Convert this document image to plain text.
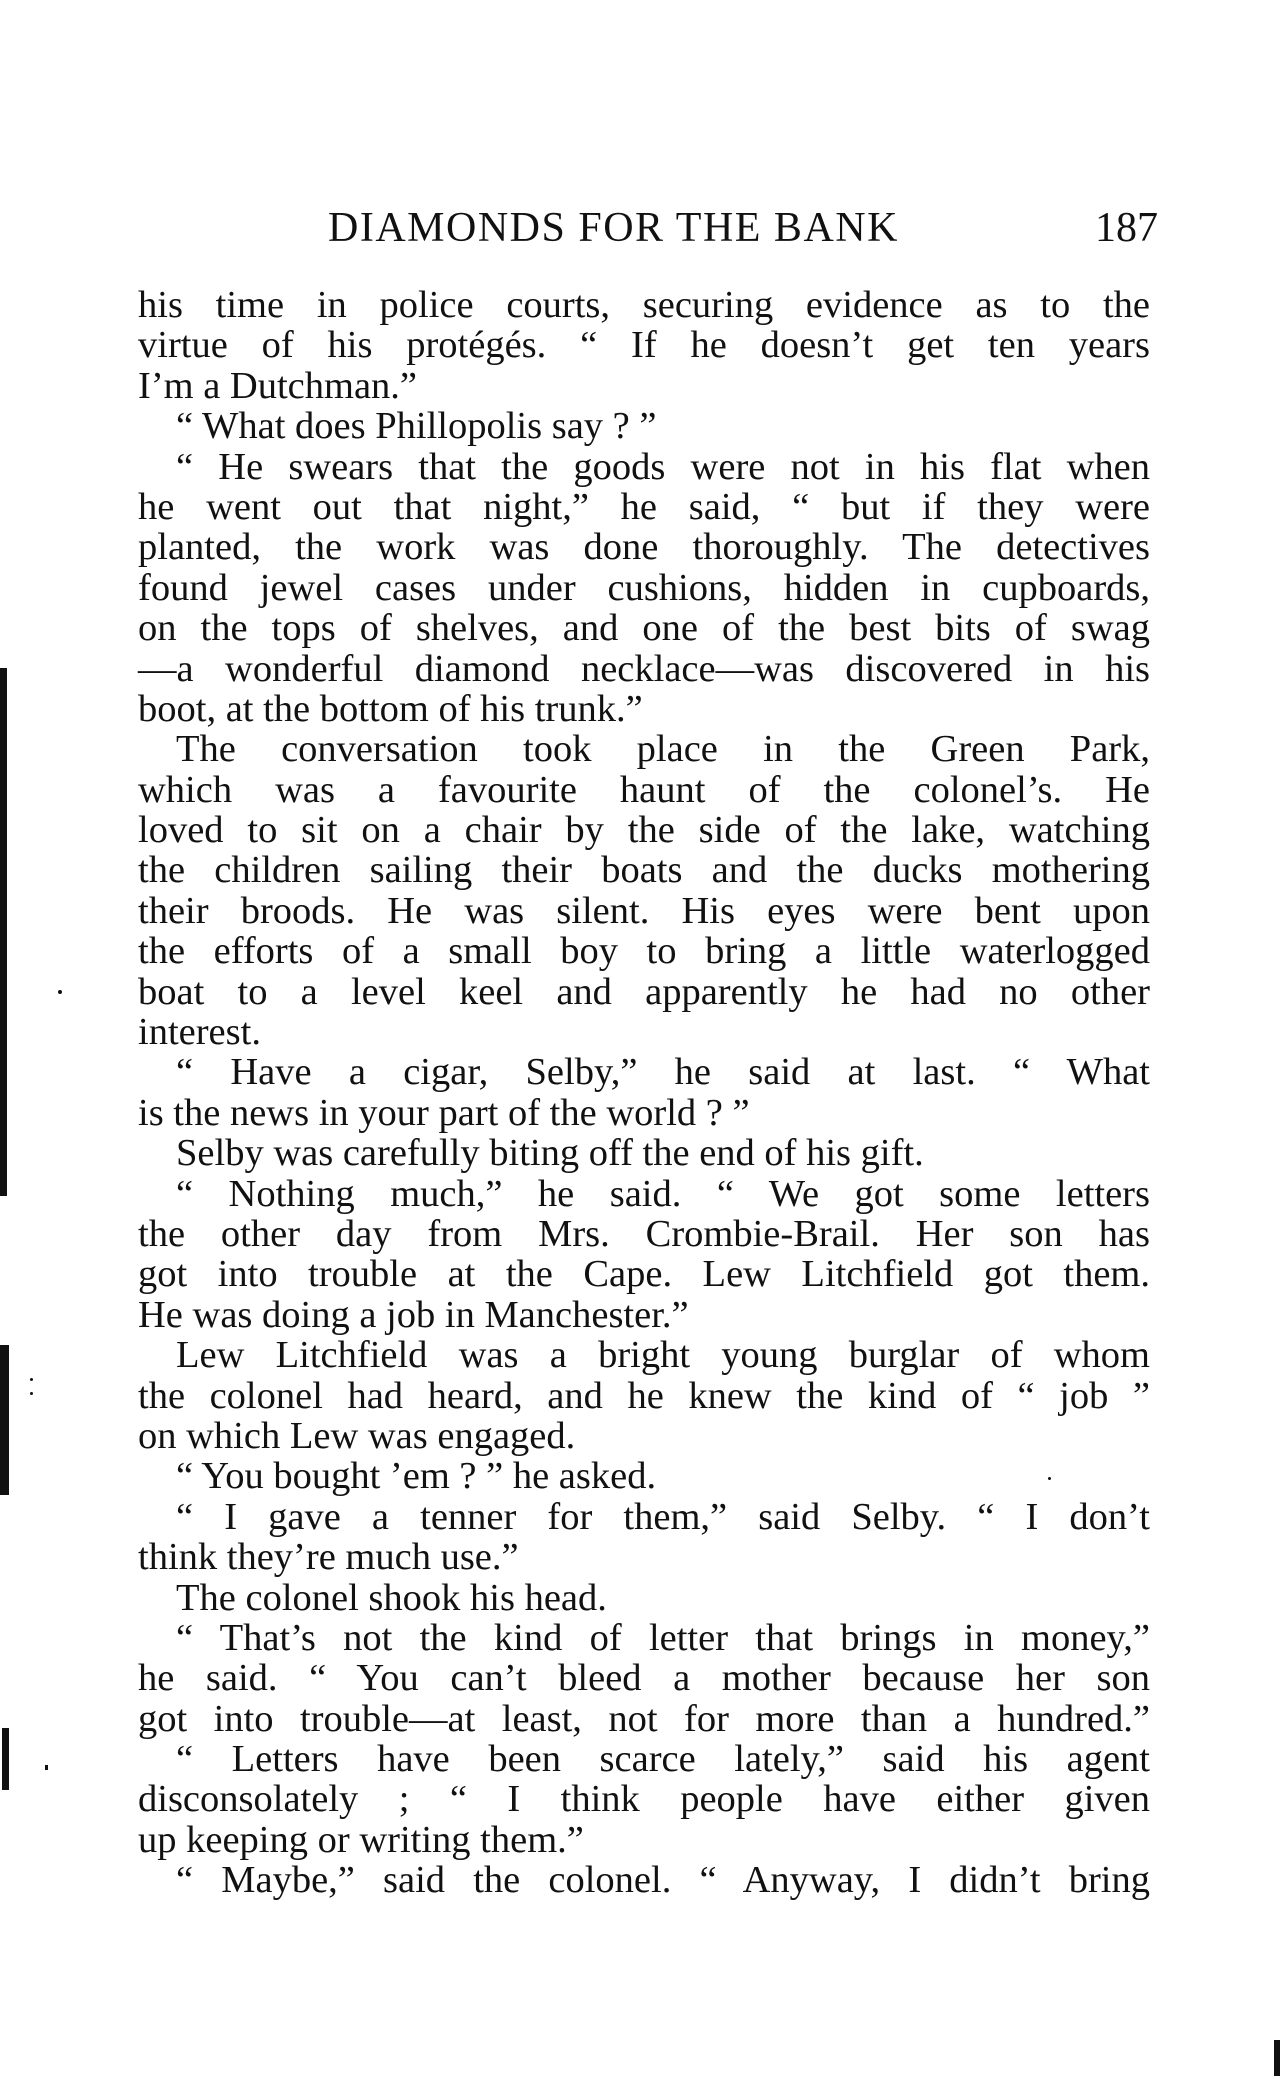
DIAMONDS FOR THE BANK	187
his time in police courts, securing evidence as to the
virtue of his protégés. “ If he doesn’t get ten years
I’m a Dutchman.”
“ What does Phillopolis say ? ”
“ He swears that the goods were not in his flat when
he went out that night,” he said, “ but if they were
planted, the work was done thoroughly. The detectives
found jewel cases under cushions, hidden in cupboards,
on the tops of shelves, and one of the best bits of swag
—a wonderful diamond necklace—was discovered in his
boot, at the bottom of his trunk.”
The conversation took place in the Green Park,
which was a favourite haunt of the colonel’s. He
loved to sit on a chair by the side of the lake, watching
the children sailing their boats and the ducks mothering
their broods. He was silent. His eyes were bent upon
the efforts of a small boy to bring a little waterlogged
boat to a level keel and apparently he had no other
interest.
“ Have a cigar, Selby,” he said at last. “ What
is the news in your part of the world ? ”
Selby was carefully biting off the end of his gift.
“ Nothing much,” he said. “ We got some letters
the other day from Mrs. Crombie-Brail. Her son has
got into trouble at the Cape. Lew Litchfield got them.
He was doing a job in Manchester.”
Lew Litchfield was a bright young burglar of whom
the colonel had heard, and he knew the kind of “ job ”
on which Lew was engaged.
“ You bought ’em ? ” he asked.
“ I gave a tenner for them,” said Selby. “ I don’t
think they’re much use.”
The colonel shook his head.
“ That’s not the kind of letter that brings in money,”
he said. “ You can’t bleed a mother because her son
got into trouble—at least, not for more than a hundred.”
“ Letters have been scarce lately,” said his agent
disconsolately ; “ I think people have either given
up keeping or writing them.”
“ Maybe,” said the colonel. “ Anyway, I didn’t bring
